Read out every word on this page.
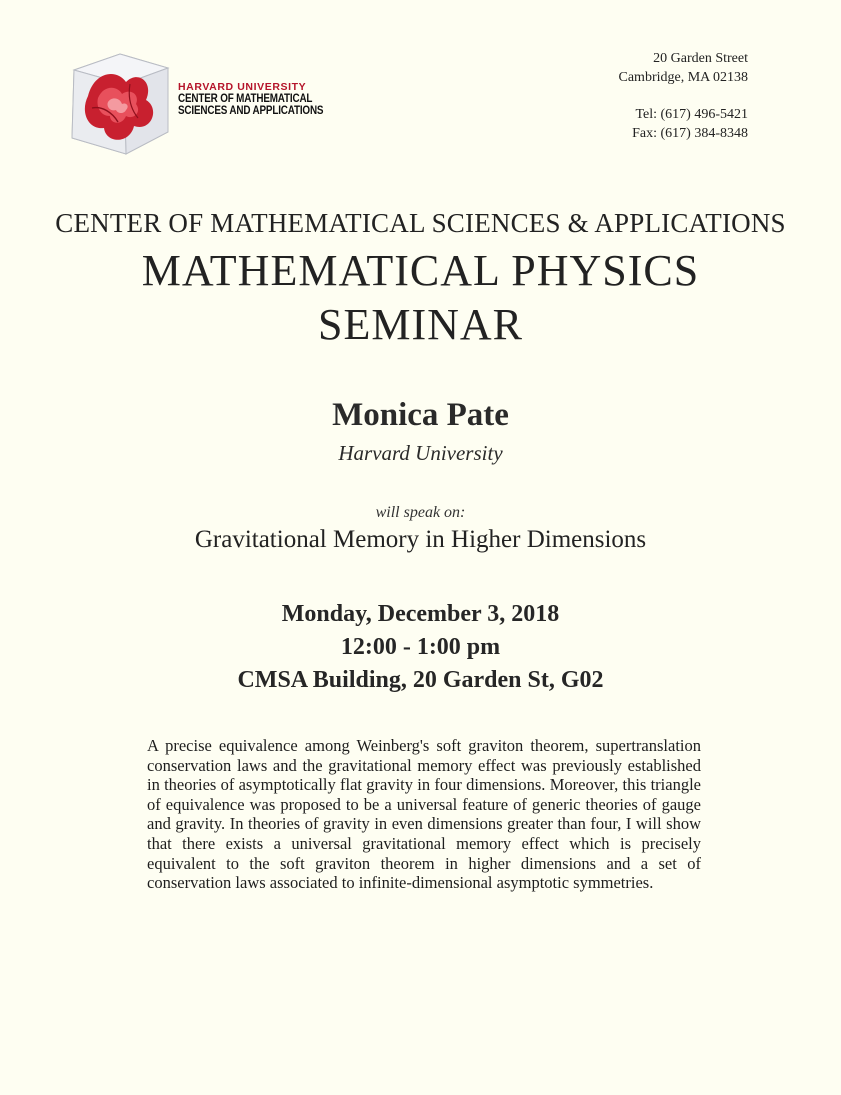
HARVARD UNIVERSITY
CENTER OF MATHEMATICAL
SCIENCES AND APPLICATIONS
20 Garden Street
Cambridge, MA 02138
Tel: (617) 496-5421
Fax: (617) 384-8348
CENTER OF MATHEMATICAL SCIENCES & APPLICATIONS
MATHEMATICAL PHYSICS
SEMINAR
Monica Pate
Harvard University
will speak on:
Gravitational Memory in Higher Dimensions
Monday, December 3, 2018
12:00 - 1:00 pm
CMSA Building, 20 Garden St, G02
A precise equivalence among Weinberg's soft graviton theorem, supertranslation conservation laws and the gravitational memory effect was previously established in theories of asymptotically flat gravity in four dimensions. Moreover, this triangle of equivalence was proposed to be a universal feature of generic theories of gauge and gravity. In theories of gravity in even dimensions greater than four, I will show that there exists a universal gravitational memory effect which is precisely equivalent to the soft graviton theorem in higher dimensions and a set of conservation laws associated to infinite-dimensional asymptotic symmetries.
